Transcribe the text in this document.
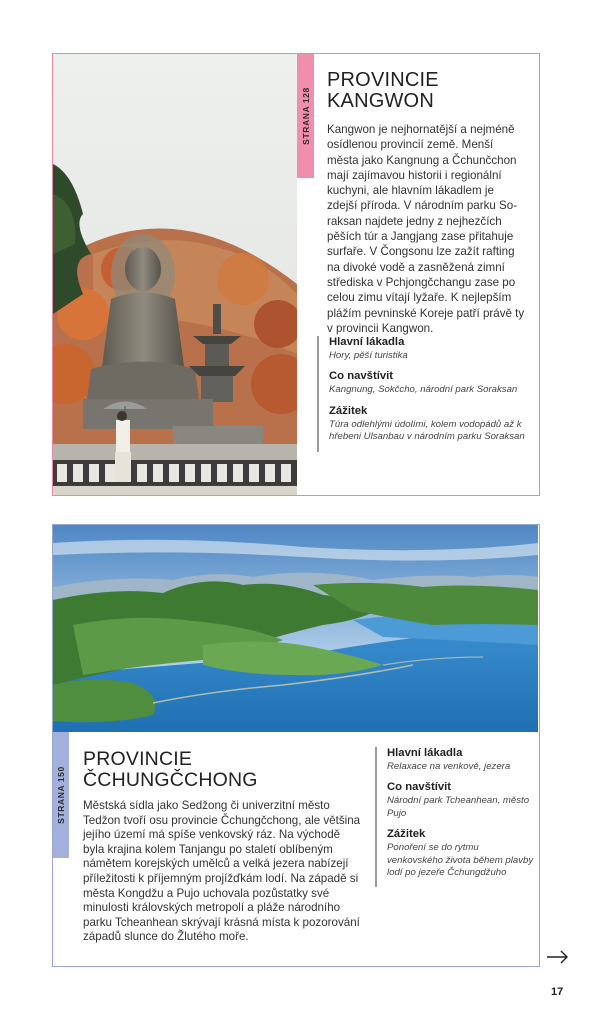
STRANA 128
PROVINCIE
KANGWON

Kangwon je nejhornatější a nejméně osídlenou provincií země. Menší města jako Kangnung a Čchunčchon mají zajímavou historii i regionální kuchyni, ale hlavním lákadlem je zdejší příroda. V národním parku So-raksan najdete jedny z nejhezčích pěších túr a Jangjang zase přitahuje surfaře. V Čongsonu lze zažít rafting na divoké vodě a zasněžená zimní střediska v Pchjongčchangu zase po celou zimu vítají lyžaře. K nejlepším plážím pevninské Koreje patří právě ty v provincii Kangwon.

Hlavní lákadla

Hory, pěší turistika

Co navštívit

Kangnung, Sokčcho, národní park Soraksan

Zážitek

Túra odlehlými údolími, kolem vodopádů až k hřebeni Ulsanbau v národním parku Soraksan

STRANA 150
PROVINCIE
ČCHUNGČCHONG

Městská sídla jako Sedžong či univerzitní město Tedžon tvoří osu provincie Čchungčchong, ale většina jejího území má spíše venkovský ráz. Na východě byla krajina kolem Tanjangu po staletí oblíbeným námětem korejských umělců a velká jezera nabízejí příležitosti k příjemným projížďkám lodí. Na západě si města Kongdžu a Pujo uchovala pozůstatky své minulosti královských metropolí a pláže národního parku Tcheanhean skrývají krásná místa k pozorování západů slunce do Žlutého moře.

Hlavní lákadla

Relaxace na venkově, jezera

Co navštívit

Národní park Tcheanhean, město Pujo

Zážitek

Ponoření se do rytmu venkovského života během plavby lodí po jezeře Čchungdžuho

17
